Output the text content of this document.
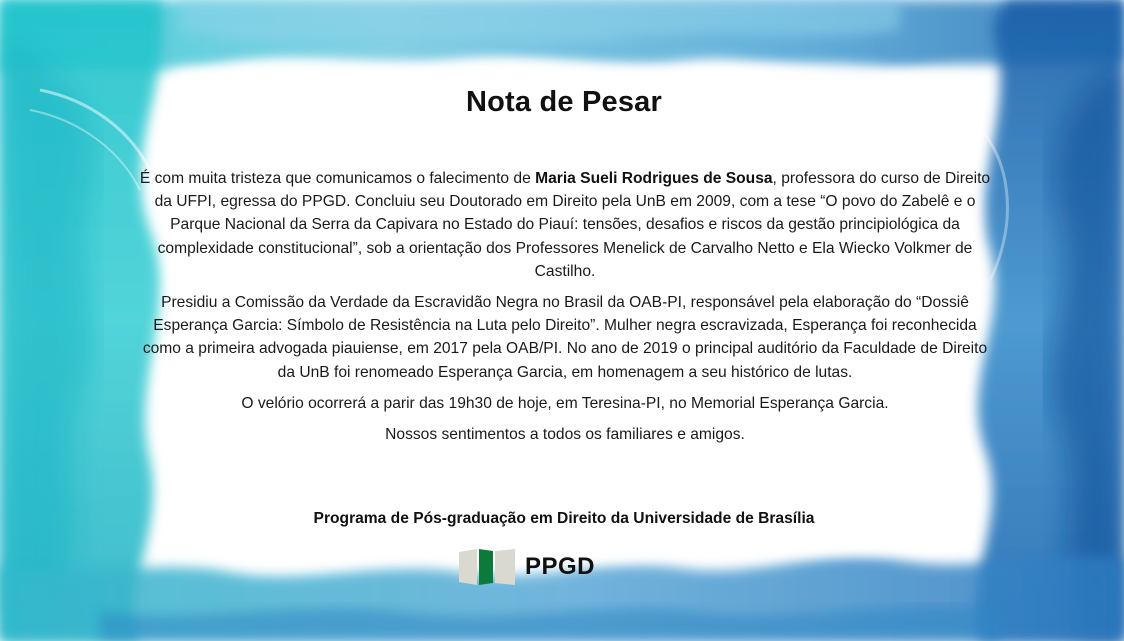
Nota de Pesar

É com muita tristeza que comunicamos o falecimento de Maria Sueli Rodrigues de Sousa, professora do curso de Direito da UFPI, egressa do PPGD. Concluiu seu Doutorado em Direito pela UnB em 2009, com a tese “O povo do Zabelê e o Parque Nacional da Serra da Capivara no Estado do Piauí: tensões, desafios e riscos da gestão principiológica da complexidade constitucional”, sob a orientação dos Professores Menelick de Carvalho Netto e Ela Wiecko Volkmer de Castilho.

Presidiu a Comissão da Verdade da Escravidão Negra no Brasil da OAB-PI, responsável pela elaboração do “Dossiê Esperança Garcia: Símbolo de Resistência na Luta pelo Direito”. Mulher negra escravizada, Esperança foi reconhecida como a primeira advogada piauiense, em 2017 pela OAB/PI. No ano de 2019 o principal auditório da Faculdade de Direito da UnB foi renomeado Esperança Garcia, em homenagem a seu histórico de lutas.

O velório ocorrerá a parir das 19h30 de hoje, em Teresina-PI, no Memorial Esperança Garcia.

Nossos sentimentos a todos os familiares e amigos.

Programa de Pós-graduação em Direito da Universidade de Brasília
PPGD
